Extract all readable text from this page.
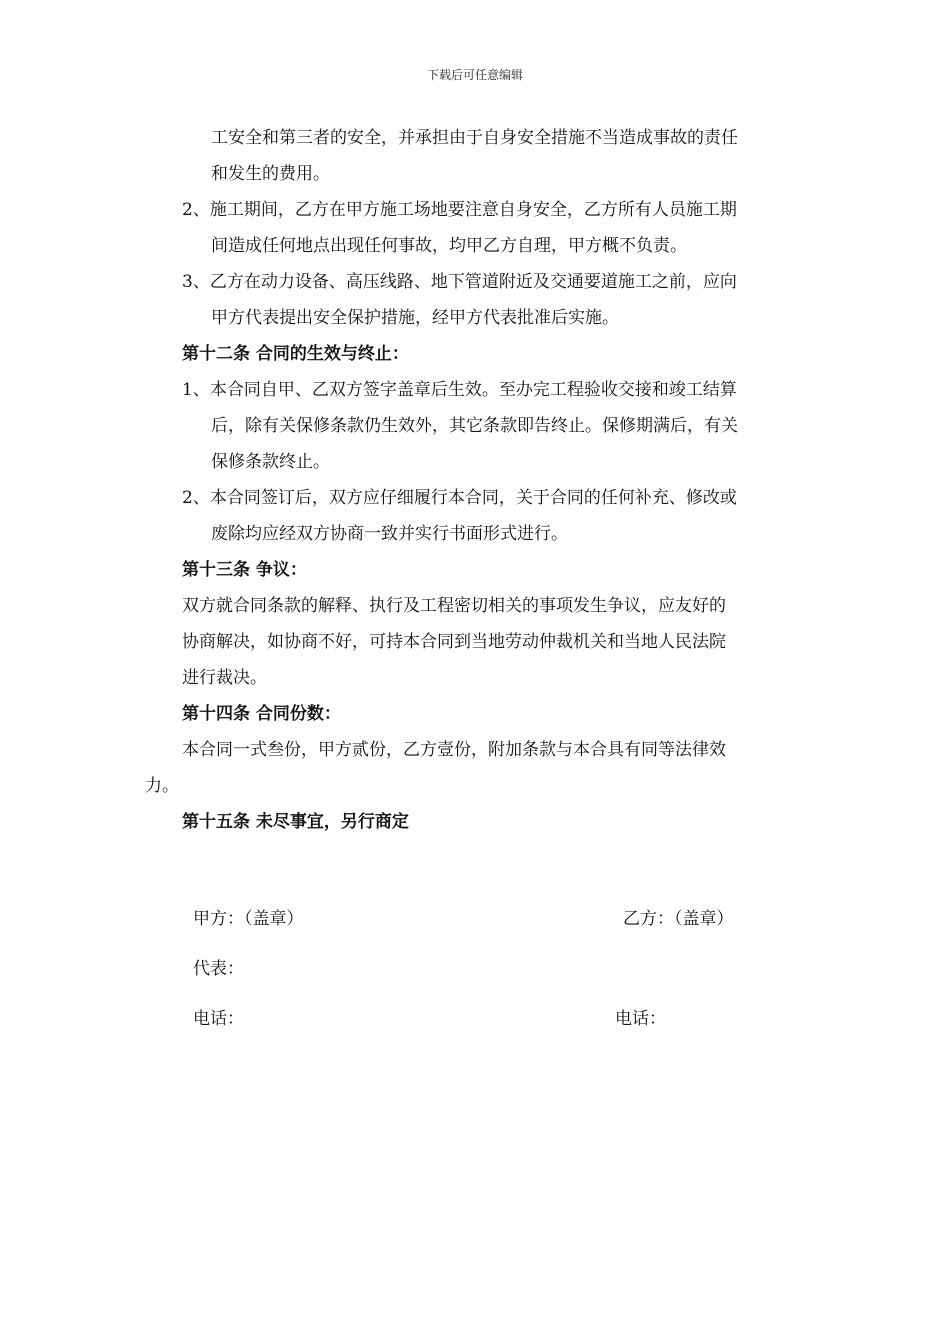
下载后可任意编辑
工安全和第三者的安全，并承担由于自身安全措施不当造成事故的责任
和发生的费用。
2、施工期间，乙方在甲方施工场地要注意自身安全，乙方所有人员施工期
间造成任何地点出现任何事故，均甲乙方自理，甲方概不负责。
3、乙方在动力设备、高压线路、地下管道附近及交通要道施工之前，应向
甲方代表提出安全保护措施，经甲方代表批准后实施。
第十二条 合同的生效与终止：
1、本合同自甲、乙双方签字盖章后生效。至办完工程验收交接和竣工结算
后，除有关保修条款仍生效外，其它条款即告终止。保修期满后，有关
保修条款终止。
2、本合同签订后，双方应仔细履行本合同，关于合同的任何补充、修改或
废除均应经双方协商一致并实行书面形式进行。
第十三条 争议：
双方就合同条款的解释、执行及工程密切相关的事项发生争议，应友好的
协商解决，如协商不好，可持本合同到当地劳动仲裁机关和当地人民法院
进行裁决。
第十四条 合同份数：
本合同一式叁份，甲方贰份，乙方壹份，附加条款与本合具有同等法律效
力。
第十五条 未尽事宜，另行商定
甲方：（盖章）	乙方：（盖章）
代表：
电话：	电话：
